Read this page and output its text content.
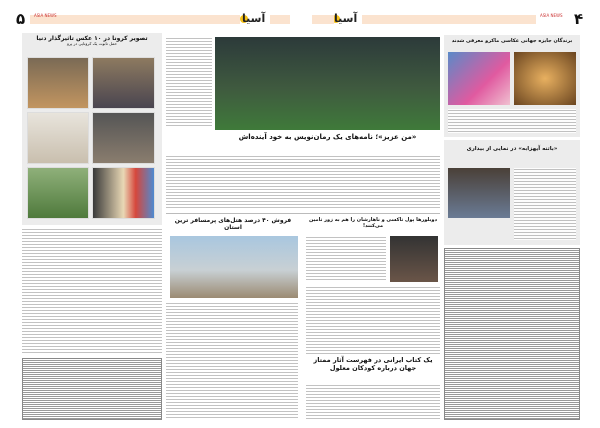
۵ ASIA NEWS	آسیا	آسیا	ASIA NEWS ۴
تصویر کرونا در ۱۰ عکس تاثیرگذار دنیا
حمل تابوت یک کرونایی در پرو
«من عزیز»؛ نامه‌های یک رمان‌نویس به خود آینده‌اش
فروش ۴۰ درصد هتل‌های پرمسافر ترین استان
دوبلورها پول تاکسی و ناهارشان را هم به زور تامین می‌کنند!
یک کتاب ایرانی در فهرست آثار ممتاز جهان درباره کودکان معلول
برندگان جایزه جهانی عکاسی ماکرو معرفی شدند
«باتنه آیهزابه» در نمایی از بیداری
